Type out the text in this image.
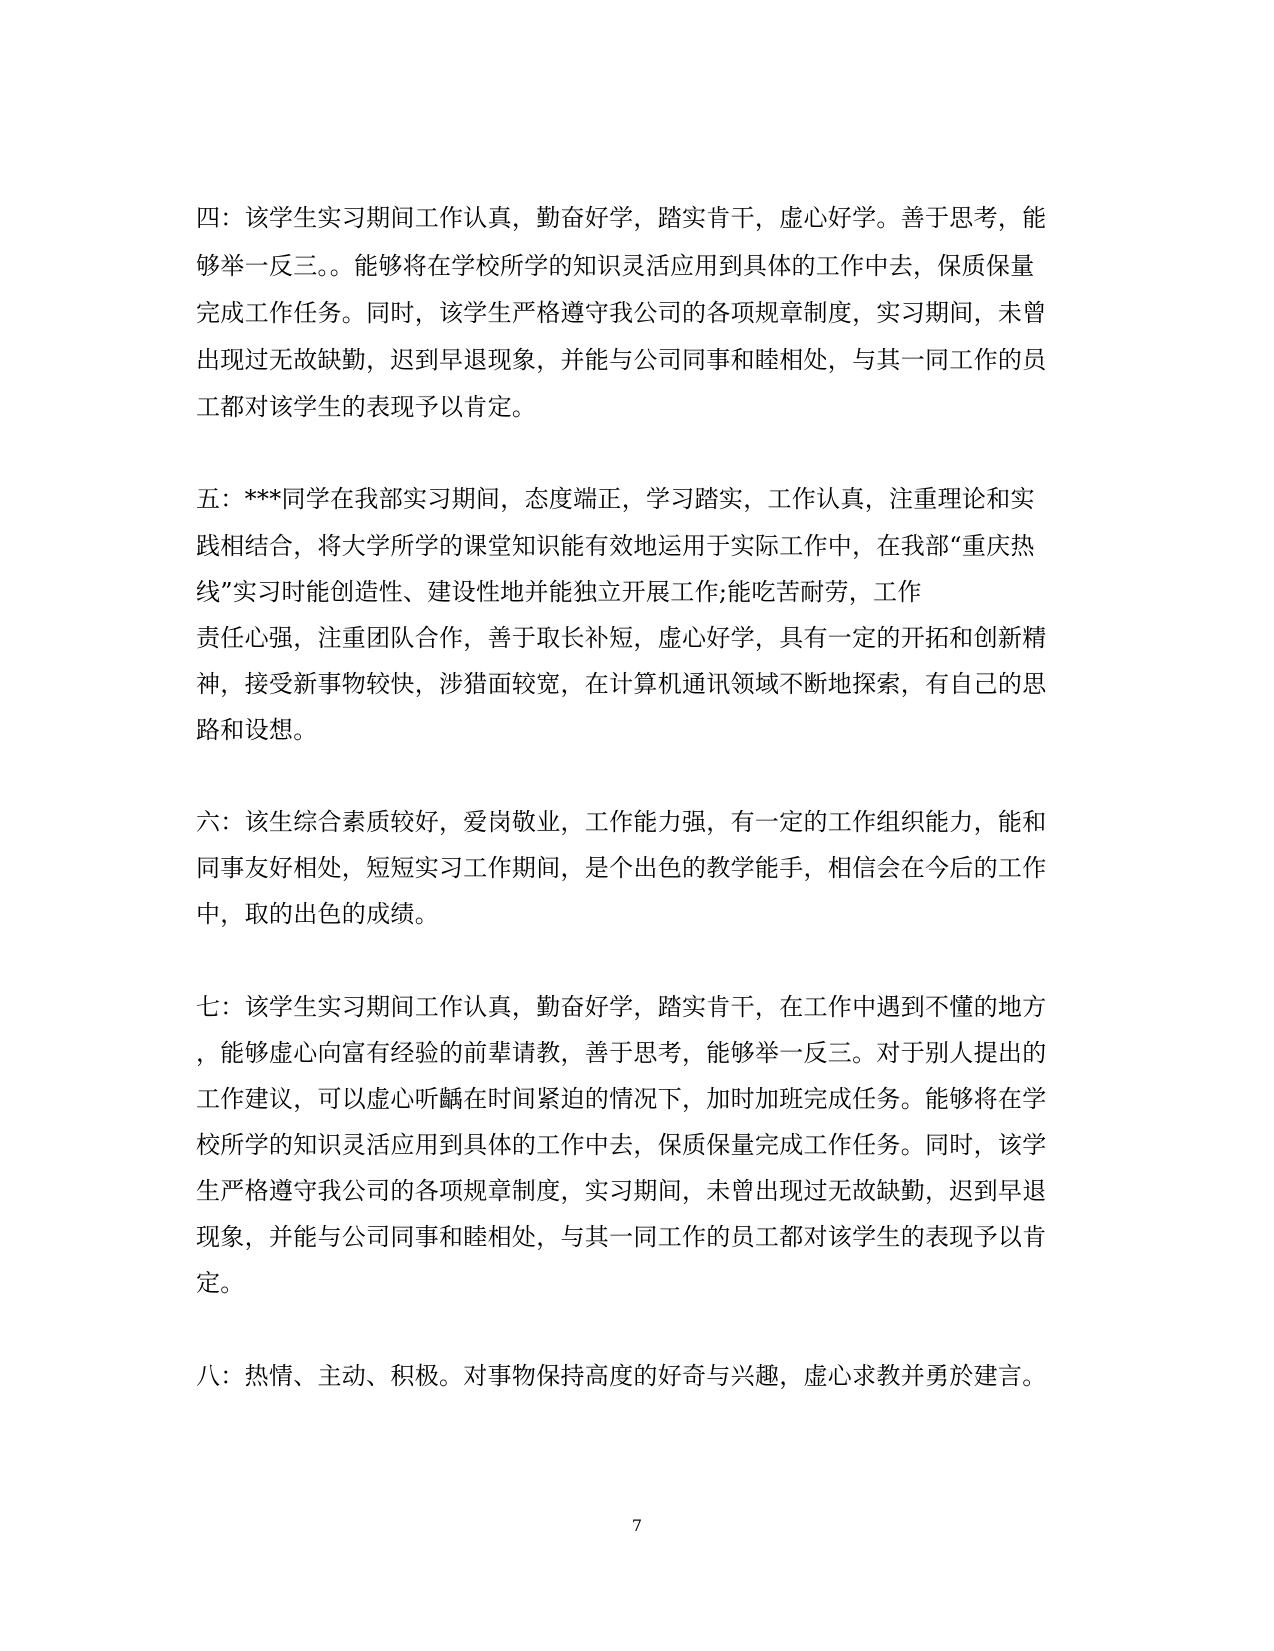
四：该学生实习期间工作认真，勤奋好学，踏实肯干，虚心好学。善于思考，能
够举一反三。。能够将在学校所学的知识灵活应用到具体的工作中去，保质保量
完成工作任务。同时，该学生严格遵守我公司的各项规章制度，实习期间，未曾
出现过无故缺勤，迟到早退现象，并能与公司同事和睦相处，与其一同工作的员
工都对该学生的表现予以肯定。
五：***同学在我部实习期间，态度端正，学习踏实，工作认真，注重理论和实
践相结合，将大学所学的课堂知识能有效地运用于实际工作中，在我部“重庆热
线”实习时能创造性、建设性地并能独立开展工作;能吃苦耐劳，工作
责任心强，注重团队合作，善于取长补短，虚心好学，具有一定的开拓和创新精
神，接受新事物较快，涉猎面较宽，在计算机通讯领域不断地探索，有自己的思
路和设想。
六：该生综合素质较好，爱岗敬业，工作能力强，有一定的工作组织能力，能和
同事友好相处，短短实习工作期间，是个出色的教学能手，相信会在今后的工作
中，取的出色的成绩。
七：该学生实习期间工作认真，勤奋好学，踏实肯干，在工作中遇到不懂的地方
，能够虚心向富有经验的前辈请教，善于思考，能够举一反三。对于别人提出的
工作建议，可以虚心听齲在时间紧迫的情况下，加时加班完成任务。能够将在学
校所学的知识灵活应用到具体的工作中去，保质保量完成工作任务。同时，该学
生严格遵守我公司的各项规章制度，实习期间，未曾出现过无故缺勤，迟到早退
现象，并能与公司同事和睦相处，与其一同工作的员工都对该学生的表现予以肯
定。
八：热情、主动、积极。对事物保持高度的好奇与兴趣，虚心求教并勇於建言。
7
